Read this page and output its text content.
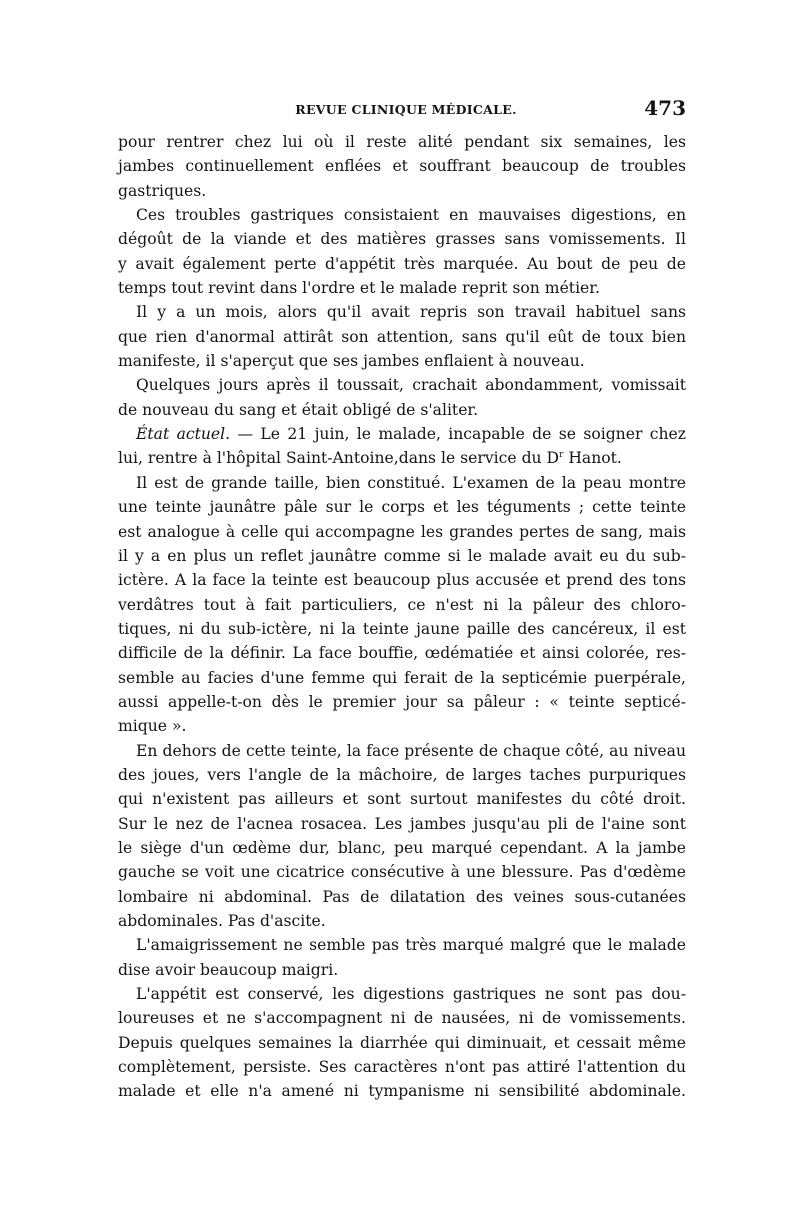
REVUE CLINIQUE MÉDICALE.	473
pour rentrer chez lui où il reste alité pendant six semaines, les
jambes continuellement enflées et souffrant beaucoup de troubles
gastriques.
Ces troubles gastriques consistaient en mauvaises digestions, en
dégoût de la viande et des matières grasses sans vomissements. Il
y avait également perte d'appétit très marquée. Au bout de peu de
temps tout revint dans l'ordre et le malade reprit son métier.
Il y a un mois, alors qu'il avait repris son travail habituel sans
que rien d'anormal attirât son attention, sans qu'il eût de toux bien
manifeste, il s'aperçut que ses jambes enflaient à nouveau.
Quelques jours après il toussait, crachait abondamment, vomissait
de nouveau du sang et était obligé de s'aliter.
État actuel. — Le 21 juin, le malade, incapable de se soigner chez
lui, rentre à l'hôpital Saint-Antoine,dans le service du $D^r$ Hanot.
Il est de grande taille, bien constitué. L'examen de la peau montre
une teinte jaunâtre pâle sur le corps et les téguments ; cette teinte
est analogue à celle qui accompagne les grandes pertes de sang, mais
il y a en plus un reflet jaunâtre comme si le malade avait eu du sub-
ictère. A la face la teinte est beaucoup plus accusée et prend des tons
verdâtres tout à fait particuliers, ce n'est ni la pâleur des chloro-
tiques, ni du sub-ictère, ni la teinte jaune paille des cancéreux, il est
difficile de la définir. La face bouffie, œdématiée et ainsi colorée, res-
semble au facies d'une femme qui ferait de la septicémie puerpérale,
aussi appelle-t-on dès le premier jour sa pâleur : « teinte septicé-
mique ».
En dehors de cette teinte, la face présente de chaque côté, au niveau
des joues, vers l'angle de la mâchoire, de larges taches purpuriques
qui n'existent pas ailleurs et sont surtout manifestes du côté droit.
Sur le nez de l'acnea rosacea. Les jambes jusqu'au pli de l'aine sont
le siège d'un œdème dur, blanc, peu marqué cependant. A la jambe
gauche se voit une cicatrice consécutive à une blessure. Pas d'œdème
lombaire ni abdominal. Pas de dilatation des veines sous-cutanées
abdominales. Pas d'ascite.
L'amaigrissement ne semble pas très marqué malgré que le malade
dise avoir beaucoup maigri.
L'appétit est conservé, les digestions gastriques ne sont pas dou-
loureuses et ne s'accompagnent ni de nausées, ni de vomissements.
Depuis quelques semaines la diarrhée qui diminuait, et cessait même
complètement, persiste. Ses caractères n'ont pas attiré l'attention du
malade et elle n'a amené ni tympanisme ni sensibilité abdominale.
